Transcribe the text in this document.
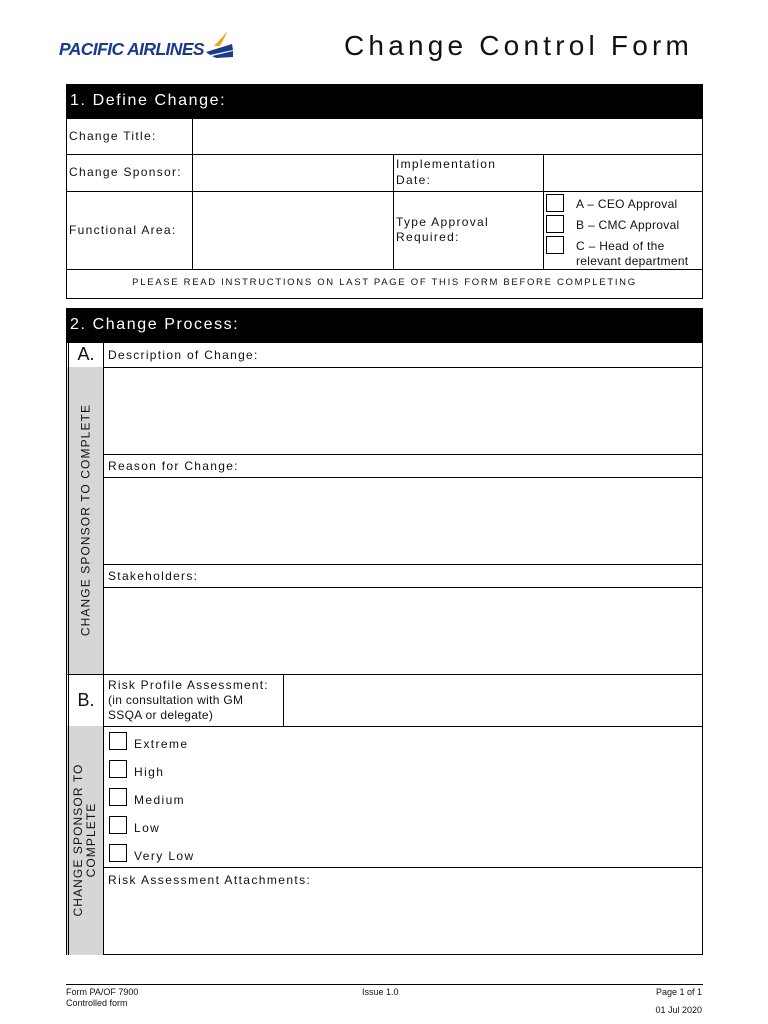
PACIFIC AIRLINES	Change Control Form
1. Define Change:
Change Title:
Change Sponsor:
Implementation
Date:
Functional Area:
Type Approval
Required:
A – CEO Approval
B – CMC Approval
C – Head of the
relevant department
PLEASE READ INSTRUCTIONS ON LAST PAGE OF THIS FORM BEFORE COMPLETING
2. Change Process:
A.
CHANGE SPONSOR TO COMPLETE
Description of Change:
Reason for Change:
Stakeholders:
B.
Risk Profile Assessment:
(in consultation with GM
SSQA or delegate)
CHANGE SPONSOR TO COMPLETE
Extreme
High
Medium
Low
Very Low
Risk Assessment Attachments:
Form PA/OF 7900
Controlled form
Issue 1.0	Page 1 of 1
01 Jul 2020
